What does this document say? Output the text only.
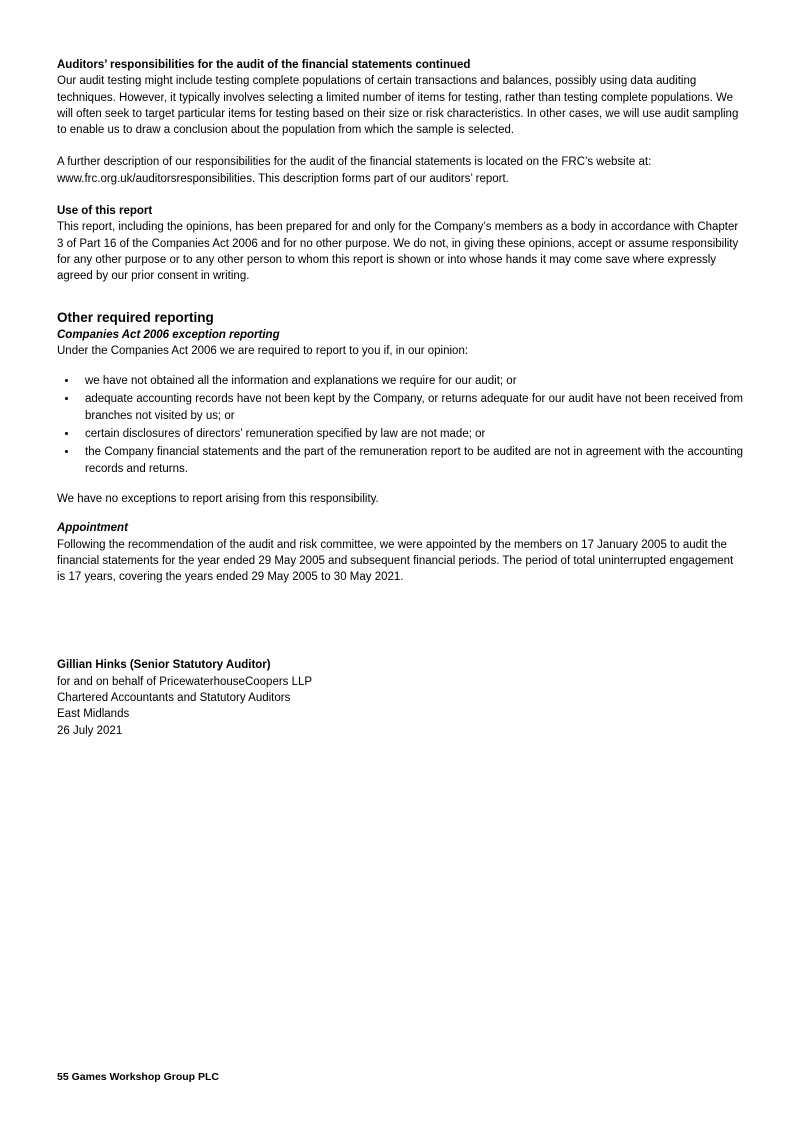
Auditors’ responsibilities for the audit of the financial statements continued

Our audit testing might include testing complete populations of certain transactions and balances, possibly using data auditing techniques. However, it typically involves selecting a limited number of items for testing, rather than testing complete populations. We will often seek to target particular items for testing based on their size or risk characteristics. In other cases, we will use audit sampling to enable us to draw a conclusion about the population from which the sample is selected.

A further description of our responsibilities for the audit of the financial statements is located on the FRC’s website at: www.frc.org.uk/auditorsresponsibilities. This description forms part of our auditors’ report.

Use of this report

This report, including the opinions, has been prepared for and only for the Company’s members as a body in accordance with Chapter 3 of Part 16 of the Companies Act 2006 and for no other purpose. We do not, in giving these opinions, accept or assume responsibility for any other purpose or to any other person to whom this report is shown or into whose hands it may come save where expressly agreed by our prior consent in writing.

Other required reporting

Companies Act 2006 exception reporting

Under the Companies Act 2006 we are required to report to you if, in our opinion:

• we have not obtained all the information and explanations we require for our audit; or
• adequate accounting records have not been kept by the Company, or returns adequate for our audit have not been received from branches not visited by us; or
• certain disclosures of directors’ remuneration specified by law are not made; or
• the Company financial statements and the part of the remuneration report to be audited are not in agreement with the accounting records and returns.

We have no exceptions to report arising from this responsibility.

Appointment

Following the recommendation of the audit and risk committee, we were appointed by the members on 17 January 2005 to audit the financial statements for the year ended 29 May 2005 and subsequent financial periods. The period of total uninterrupted engagement is 17 years, covering the years ended 29 May 2005 to 30 May 2021.

Gillian Hinks (Senior Statutory Auditor)

for and on behalf of PricewaterhouseCoopers LLP

Chartered Accountants and Statutory Auditors

East Midlands

26 July 2021

55 Games Workshop Group PLC
